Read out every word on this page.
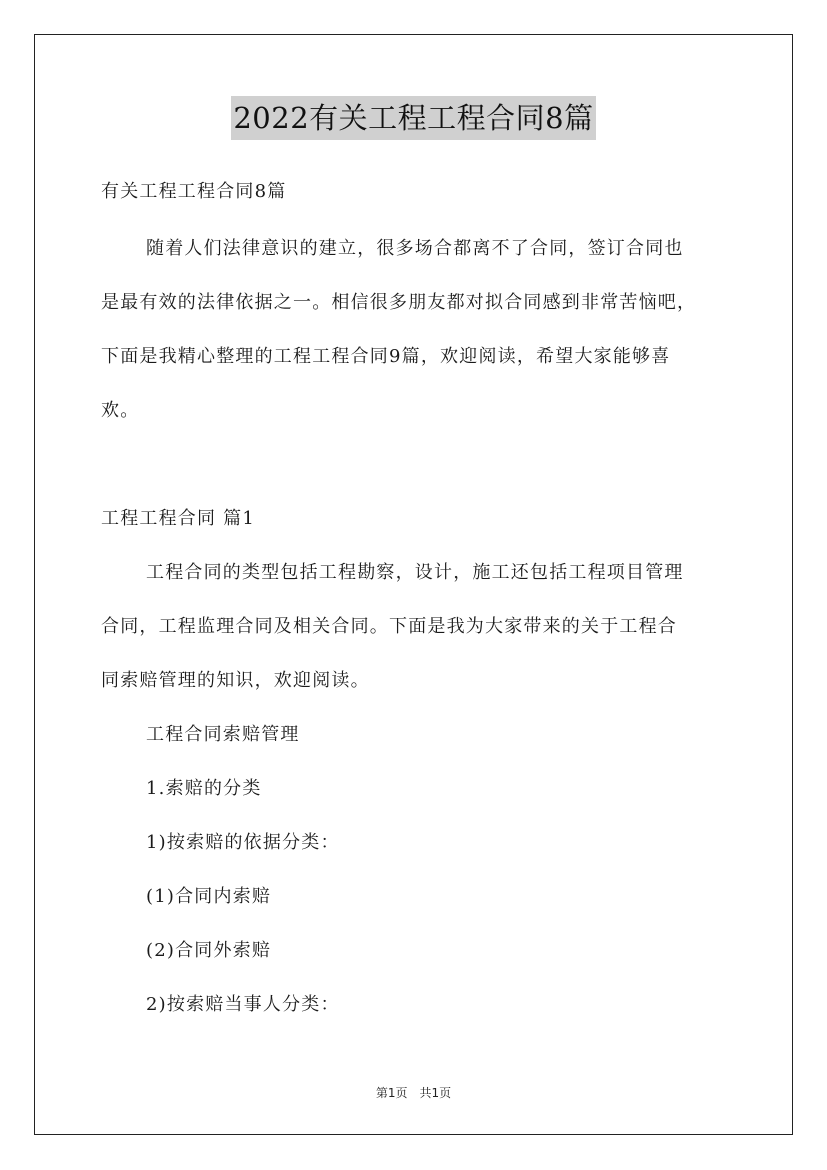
2022有关工程工程合同8篇
有关工程工程合同8篇
随着人们法律意识的建立，很多场合都离不了合同，签订合同也
是最有效的法律依据之一。相信很多朋友都对拟合同感到非常苦恼吧，
下面是我精心整理的工程工程合同9篇，欢迎阅读，希望大家能够喜
欢。
工程工程合同 篇1
工程合同的类型包括工程勘察，设计，施工还包括工程项目管理
合同，工程监理合同及相关合同。下面是我为大家带来的关于工程合
同索赔管理的知识，欢迎阅读。
工程合同索赔管理
1.索赔的分类
1)按索赔的依据分类：
(1)合同内索赔
(2)合同外索赔
2)按索赔当事人分类：
第1页 共1页
